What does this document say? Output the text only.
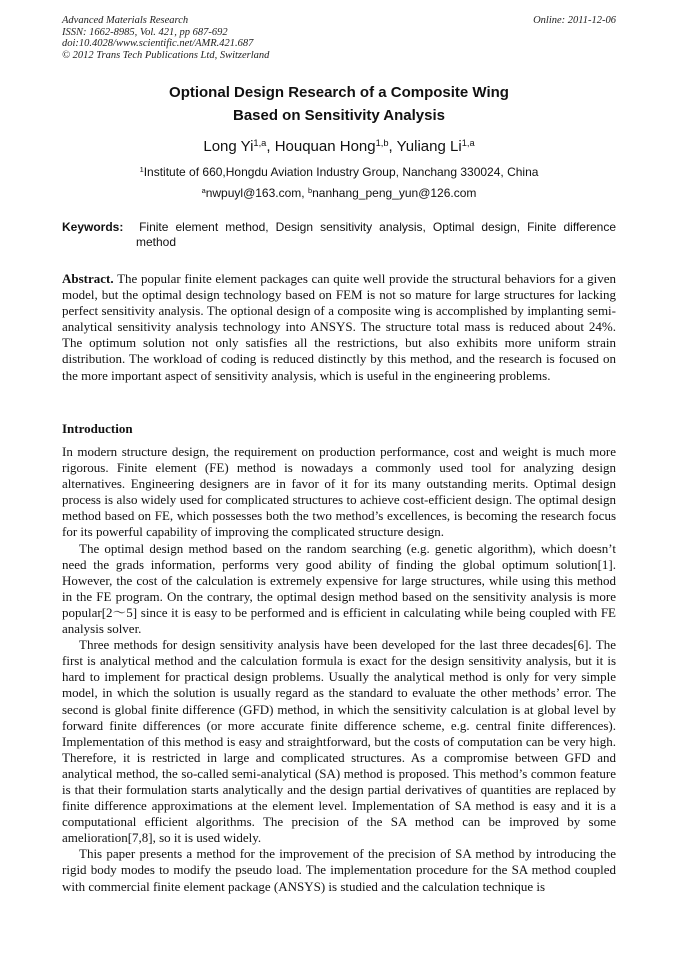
Advanced Materials Research
ISSN: 1662-8985, Vol. 421, pp 687-692
doi:10.4028/www.scientific.net/AMR.421.687
© 2012 Trans Tech Publications Ltd, Switzerland
Online: 2011-12-06
Optional Design Research of a Composite Wing
Based on Sensitivity Analysis
Long Yi$^{1,a}$, Houquan Hong$^{1,b}$, Yuliang Li$^{1,a}$
$^1$Institute of 660,Hongdu Aviation Industry Group, Nanchang 330024, China
$^a$nwpuyl@163.com, $^b$nanhang_peng_yun@126.com
Keywords: Finite element method, Design sensitivity analysis, Optimal design, Finite difference method
Abstract. The popular finite element packages can quite well provide the structural behaviors for a given model, but the optimal design technology based on FEM is not so mature for large structures for lacking perfect sensitivity analysis. The optional design of a composite wing is accomplished by implanting semi-analytical sensitivity analysis technology into ANSYS. The structure total mass is reduced about 24%. The optimum solution not only satisfies all the restrictions, but also exhibits more uniform strain distribution. The workload of coding is reduced distinctly by this method, and the research is focused on the more important aspect of sensitivity analysis, which is useful in the engineering problems.
Introduction

In modern structure design, the requirement on production performance, cost and weight is much more rigorous. Finite element (FE) method is nowadays a commonly used tool for analyzing design alternatives. Engineering designers are in favor of it for its many outstanding merits. Optimal design process is also widely used for complicated structures to achieve cost-efficient design. The optimal design method based on FE, which possesses both the two method’s excellences, is becoming the research focus for its powerful capability of improving the complicated structure design.

The optimal design method based on the random searching (e.g. genetic algorithm), which doesn’t need the grads information, performs very good ability of finding the global optimum solution[1]. However, the cost of the calculation is extremely expensive for large structures, while using this method in the FE program. On the contrary, the optimal design method based on the sensitivity analysis is more popular[2～5] since it is easy to be performed and is efficient in calculating while being coupled with FE analysis solver.

Three methods for design sensitivity analysis have been developed for the last three decades[6]. The first is analytical method and the calculation formula is exact for the design sensitivity analysis, but it is hard to implement for practical design problems. Usually the analytical method is only for very simple model, in which the solution is usually regard as the standard to evaluate the other methods’ error. The second is global finite difference (GFD) method, in which the sensitivity calculation is at global level by forward finite differences (or more accurate finite difference scheme, e.g. central finite differences). Implementation of this method is easy and straightforward, but the costs of computation can be very high. Therefore, it is restricted in large and complicated structures. As a compromise between GFD and analytical method, the so-called semi-analytical (SA) method is proposed. This method’s common feature is that their formulation starts analytically and the design partial derivatives of quantities are replaced by finite difference approximations at the element level. Implementation of SA method is easy and it is a computational efficient algorithms. The precision of the SA method can be improved by some amelioration[7,8], so it is used widely.

This paper presents a method for the improvement of the precision of SA method by introducing the rigid body modes to modify the pseudo load. The implementation procedure for the SA method coupled with commercial finite element package (ANSYS) is studied and the calculation technique is
